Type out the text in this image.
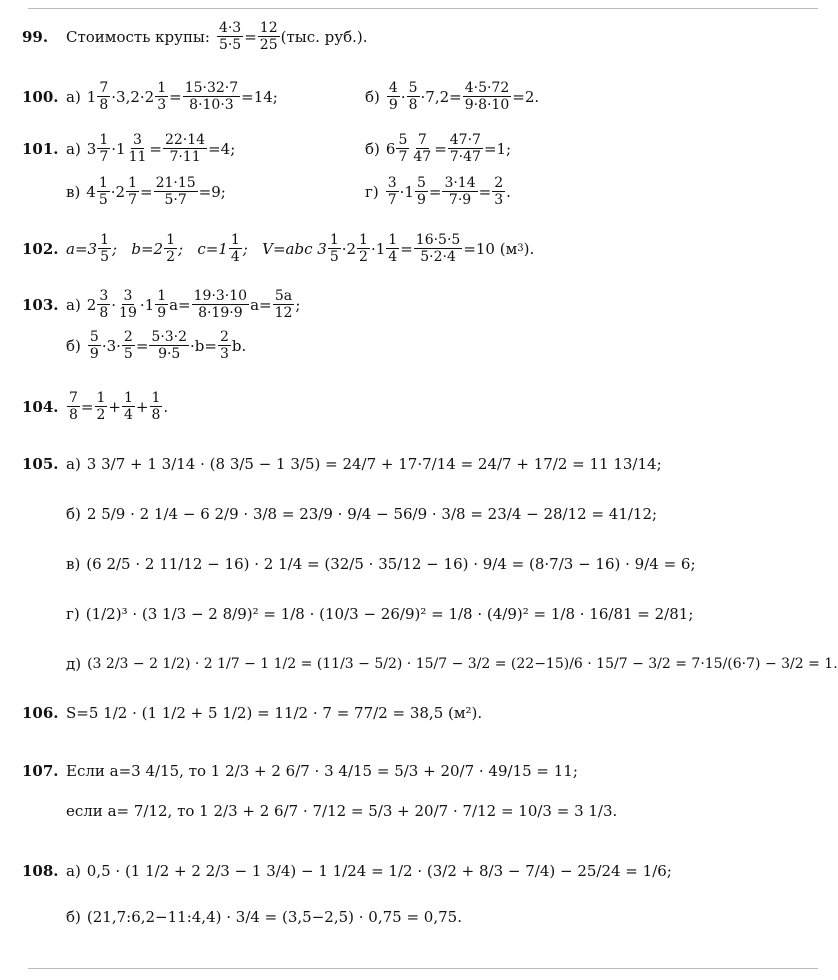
99.	Стоимость крупы: $\frac{4\cdot 3}{5\cdot 5} = \frac{12}{25} (тыс$. руб.).
100. а) $1 \frac{7}{8} \cdot 3,2\cdot 2 \frac{1}{3} = \frac{15\cdot 32\cdot 7}{8\cdot 10\cdot 3} =14$;	$б) \frac{4}{9} \cdot \frac{5}{8} \cdot 7,2= \frac{4\cdot 5\cdot 72}{9\cdot 8\cdot 10} =2$.
101. а) $3 \frac{1}{7} \cdot 1 \frac{3}{11} = \frac{22\cdot 14}{7\cdot 11} =4$;	б) $6 \frac{5}{7} \frac{7}{47} = \frac{47\cdot 7}{7\cdot 47} =1$;
в) $4 \frac{1}{5} \cdot 2 \frac{1}{7} = \frac{21\cdot 15}{5\cdot 7} =9$;	$г) \frac{3}{7} \cdot 1 \frac{5}{9} = \frac{3\cdot 14}{7\cdot 9} = \frac{2}{3}$ .
102. $a=3 \frac{1}{5}$ ;   $b=2 \frac{1}{2}$ ;   $c=1 \frac{1}{4}$ ;   V=abc $3 \frac{1}{5} \cdot 2 \frac{1}{2} \cdot 1 \frac{1}{4} = \frac{16\cdot 5\cdot 5}{5\cdot 2\cdot 4} =10$ (м 3 ).
103. а) $2 \frac{3}{8} \cdot \frac{3}{19} \cdot 1 \frac{1}{9} a= \frac{19\cdot 3\cdot 10}{8\cdot 19\cdot 9} a= \frac{5a}{12}$ ;
$б) \frac{5}{9} \cdot 3\cdot \frac{2}{5} = \frac{5\cdot 3\cdot 2}{9\cdot 5} \cdot b= \frac{2}{3} b$.
104. $\frac{7}{8} = \frac{1}{2} + \frac{1}{4} + \frac{1}{8}$ .
105. а) 3 3/7 + 1 3/14 · (8 3/5 − 1 3/5) = 24/7 + 17·7/14 = 24/7 + 17/2 = 11 13/14;
б) 2 5/9 · 2 1/4 − 6 2/9 · 3/8 = 23/9 · 9/4 − 56/9 · 3/8 = 23/4 − 28/12 = 41/12;
в) (6 2/5 · 2 11/12 − 16) · 2 1/4 = (32/5 · 35/12 − 16) · 9/4 = (8·7/3 − 16) · 9/4 = 6;
г) (1/2)³ · (3 1/3 − 2 8/9)² = 1/8 · (10/3 − 26/9)² = 1/8 · (4/9)² = 1/8 · 16/81 = 2/81;
д) (3 2/3 − 2 1/2) · 2 1/7 − 1 1/2 = (11/3 − 5/2) · 15/7 − 3/2 = (22−15)/6 · 15/7 − 3/2 = 7·15/(6·7) − 3/2 = 1.
106. S=5 1/2 · (1 1/2 + 5 1/2) = 11/2 · 7 = 77/2 = 38,5 (м²).
107. Если a=3 4/15, то 1 2/3 + 2 6/7 · 3 4/15 = 5/3 + 20/7 · 49/15 = 11;
если a= 7/12, то 1 2/3 + 2 6/7 · 7/12 = 5/3 + 20/7 · 7/12 = 10/3 = 3 1/3.
108. а) 0,5 · (1 1/2 + 2 2/3 − 1 3/4) − 1 1/24 = 1/2 · (3/2 + 8/3 − 7/4) − 25/24 = 1/6;
б) (21,7:6,2−11:4,4) · 3/4 = (3,5−2,5) · 0,75 = 0,75.
